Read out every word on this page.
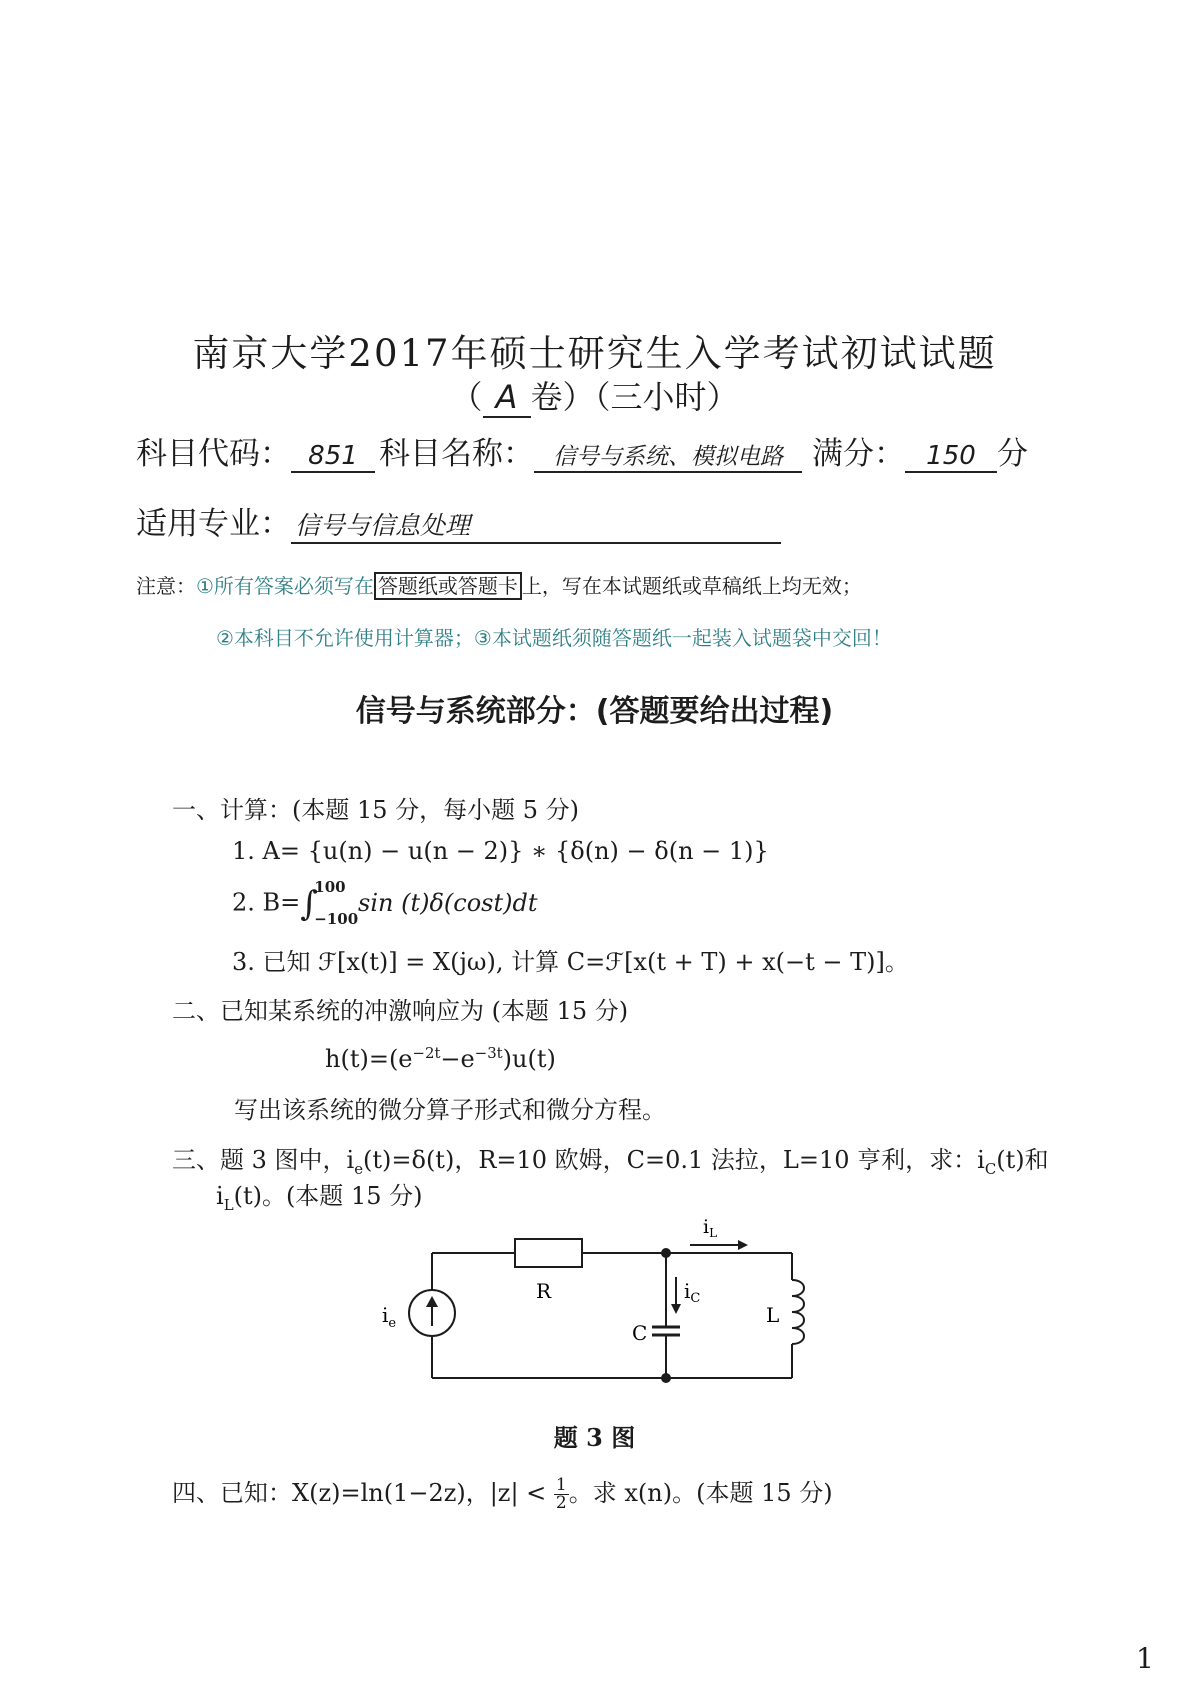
南京大学2017年硕士研究生入学考试初试试题
（ A 卷）（三小时）
科目代码： 851 科目名称： 信号与系统、模拟电路 满分： 150 分
适用专业： 信号与信息处理
注意：①所有答案必须写在 答题纸或答题卡 上，写在本试题纸或草稿纸上均无效；
②本科目不允许使用计算器；③本试题纸须随答题纸一起装入试题袋中交回！
信号与系统部分：(答题要给出过程)
一、计算：(本题 15 分，每小题 5 分)
1. A= {u(n) − u(n − 2)} ∗ {δ(n) − δ(n − 1)}
2. B=∫
100
−100
sin (t)δ(cost)dt
3. 已知 ℱ[x(t)] = X(jω), 计算 C=ℱ[x(t + T) + x(−t − T)]。
二、已知某系统的冲激响应为 (本题 15 分)
$h(t)=(e^{-2t}-e^{-3t})u(t)$
写出该系统的微分算子形式和微分方程。
三、题 3 图中，$i_e(t)=\delta(t)$，R=10 欧姆，C=0.1 法拉，L=10 亨利，求：$i_C(t)$和
$i_L(t)$。(本题 15 分)
$i_e$
R
C
$i_C$
L
$i_L$
题 3 图
四、已知：X(z)=ln(1−2z)，$|z| < \frac{1}{2}$ 。求 x(n)。(本题 15 分)
1
